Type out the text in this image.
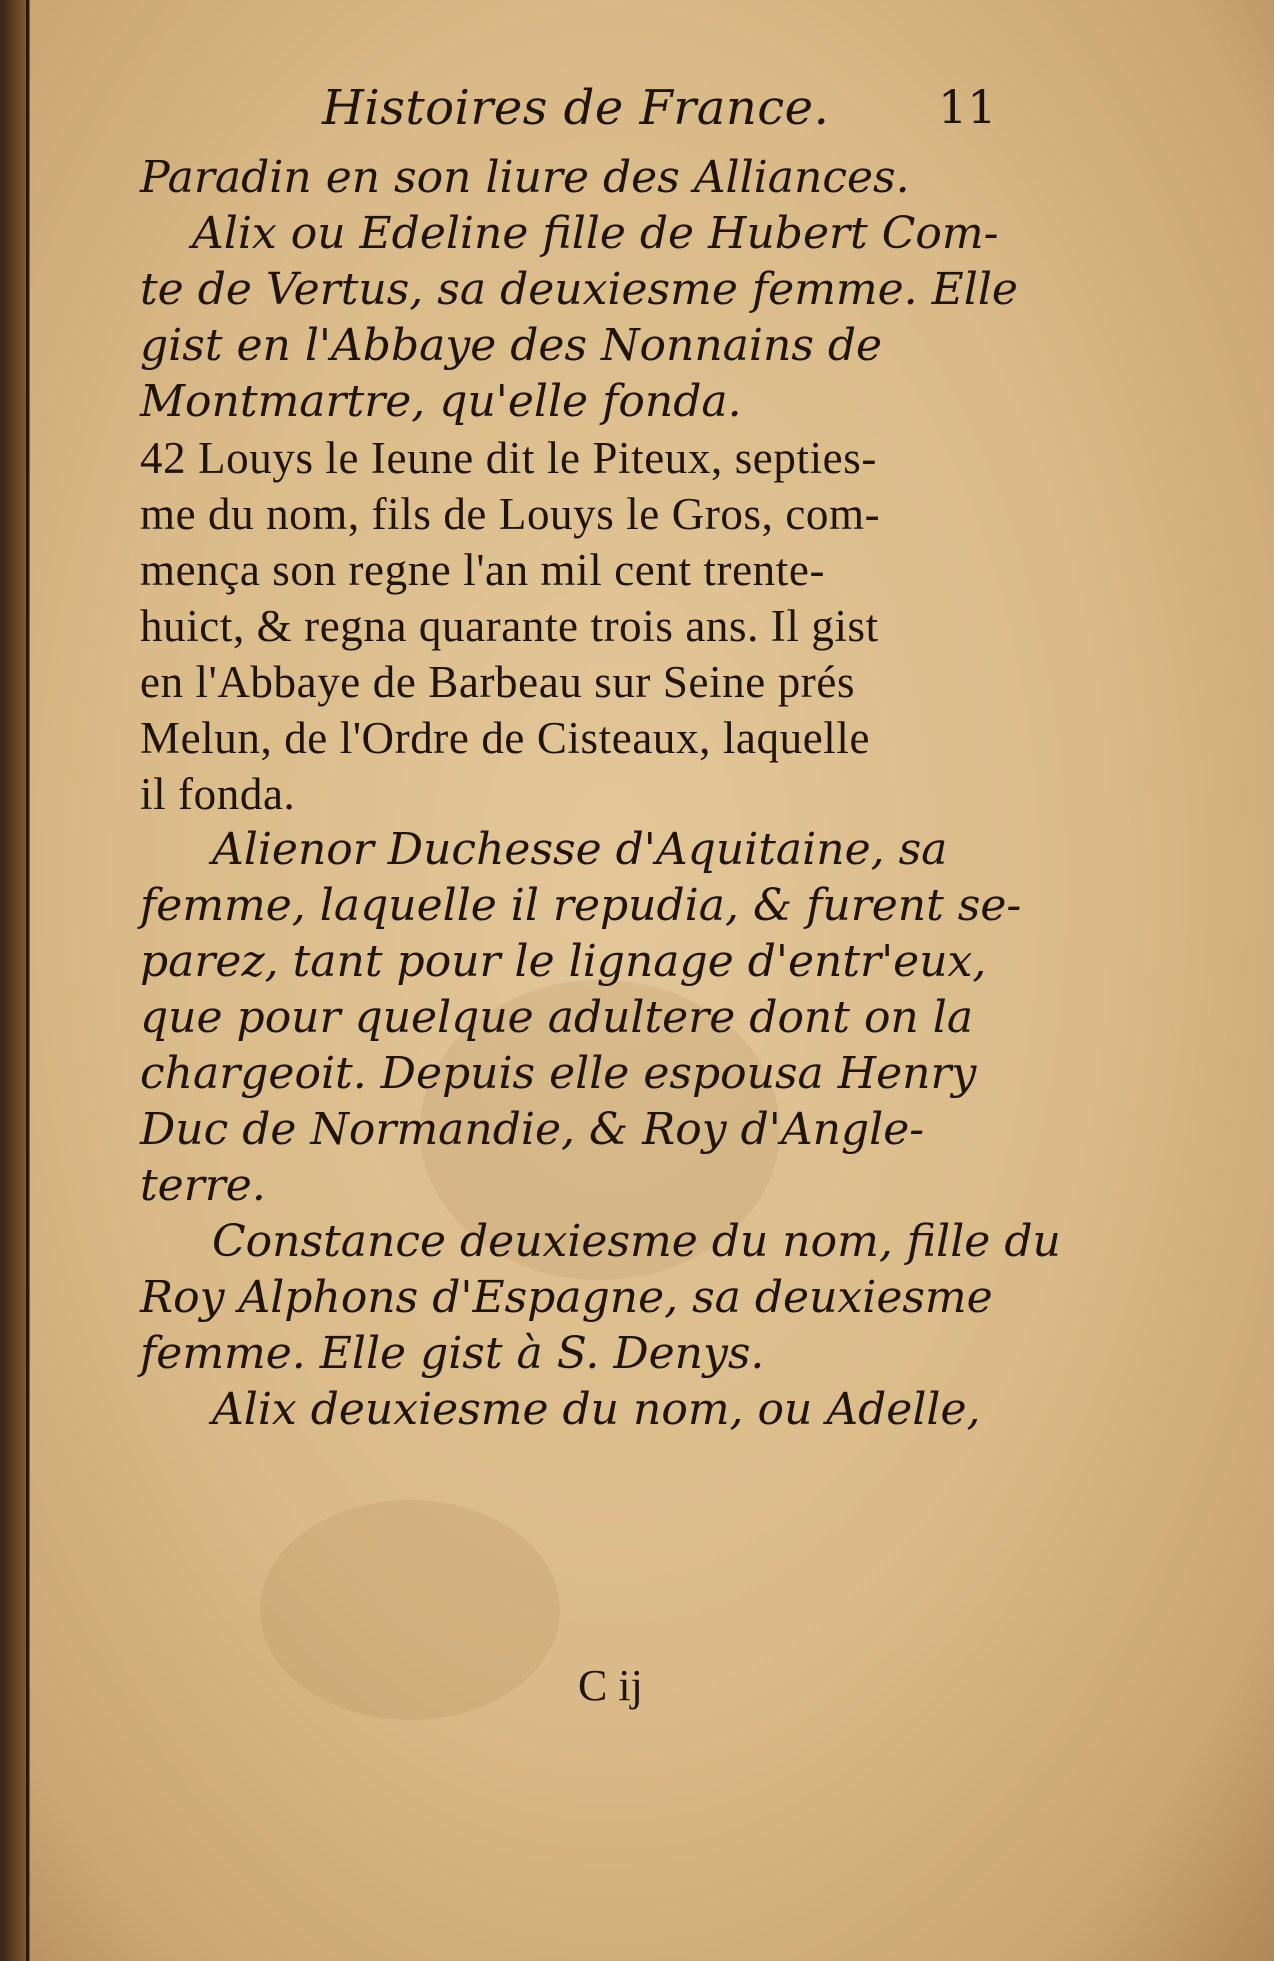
Histoires de France. 11
Paradin en son liure des Alliances.
Alix ou Edeline fille de Hubert Com-
te de Vertus, sa deuxiesme femme. Elle
gist en l'Abbaye des Nonnains de
Montmartre, qu'elle fonda.
42 Louys le Ieune dit le Piteux, septies-
me du nom, fils de Louys le Gros, com-
mença son regne l'an mil cent trente-
huict, & regna quarante trois ans. Il gist
en l'Abbaye de Barbeau sur Seine prés
Melun, de l'Ordre de Cisteaux, laquelle
il fonda.
Alienor Duchesse d'Aquitaine, sa
femme, laquelle il repudia, & furent se-
parez, tant pour le lignage d'entr'eux,
que pour quelque adultere dont on la
chargeoit. Depuis elle espousa Henry
Duc de Normandie, & Roy d'Angle-
terre.
Constance deuxiesme du nom, fille du
Roy Alphons d'Espagne, sa deuxiesme
femme. Elle gist à S. Denys.
Alix deuxiesme du nom, ou Adelle,
C ij
